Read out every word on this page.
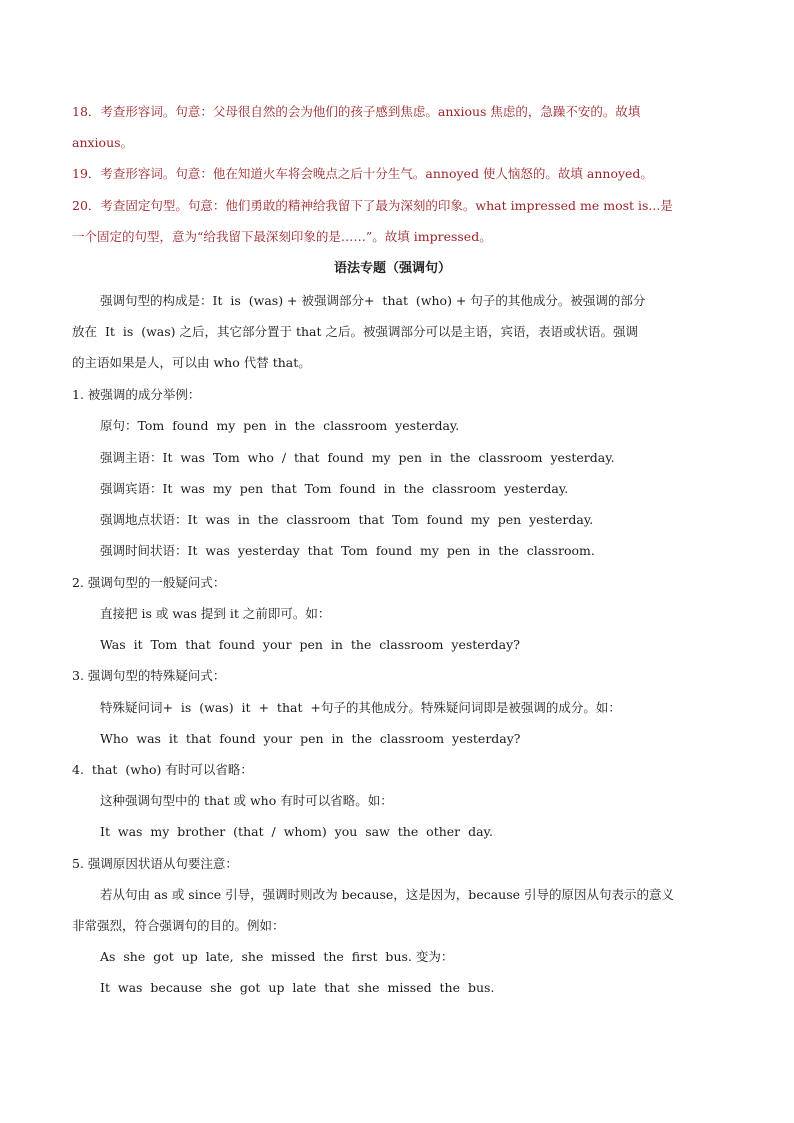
18．考查形容词。句意：父母很自然的会为他们的孩子感到焦虑。anxious 焦虑的，急躁不安的。故填
anxious。
19．考查形容词。句意：他在知道火车将会晚点之后十分生气。annoyed 使人恼怒的。故填 annoyed。
20．考查固定句型。句意：他们勇敢的精神给我留下了最为深刻的印象。what impressed me most is...是
一个固定的句型，意为“给我留下最深刻印象的是……”。故填 impressed。
语法专题（强调句）
强调句型的构成是：It  is  (was) + 被强调部分+  that  (who) + 句子的其他成分。被强调的部分
放在  It  is  (was) 之后，其它部分置于 that 之后。被强调部分可以是主语，宾语，表语或状语。强调
的主语如果是人，可以由 who 代替 that。
1. 被强调的成分举例：
原句：Tom  found  my  pen  in  the  classroom  yesterday.
强调主语：It  was  Tom  who  /  that  found  my  pen  in  the  classroom  yesterday.
强调宾语：It  was  my  pen  that  Tom  found  in  the  classroom  yesterday.
强调地点状语：It  was  in  the  classroom  that  Tom  found  my  pen  yesterday.
强调时间状语：It  was  yesterday  that  Tom  found  my  pen  in  the  classroom.
2. 强调句型的一般疑问式：
直接把 is 或 was 提到 it 之前即可。如：
Was  it  Tom  that  found  your  pen  in  the  classroom  yesterday?
3. 强调句型的特殊疑问式：
特殊疑问词+  is  (was)  it  +  that  +句子的其他成分。特殊疑问词即是被强调的成分。如：
Who  was  it  that  found  your  pen  in  the  classroom  yesterday?
4.  that  (who) 有时可以省略：
这种强调句型中的 that 或 who 有时可以省略。如：
It  was  my  brother  (that  /  whom)  you  saw  the  other  day.
5. 强调原因状语从句要注意：
若从句由 as 或 since 引导，强调时则改为 because，这是因为，because 引导的原因从句表示的意义
非常强烈，符合强调句的目的。例如：
As  she  got  up  late,  she  missed  the  first  bus. 变为：
It  was  because  she  got  up  late  that  she  missed  the  bus.
